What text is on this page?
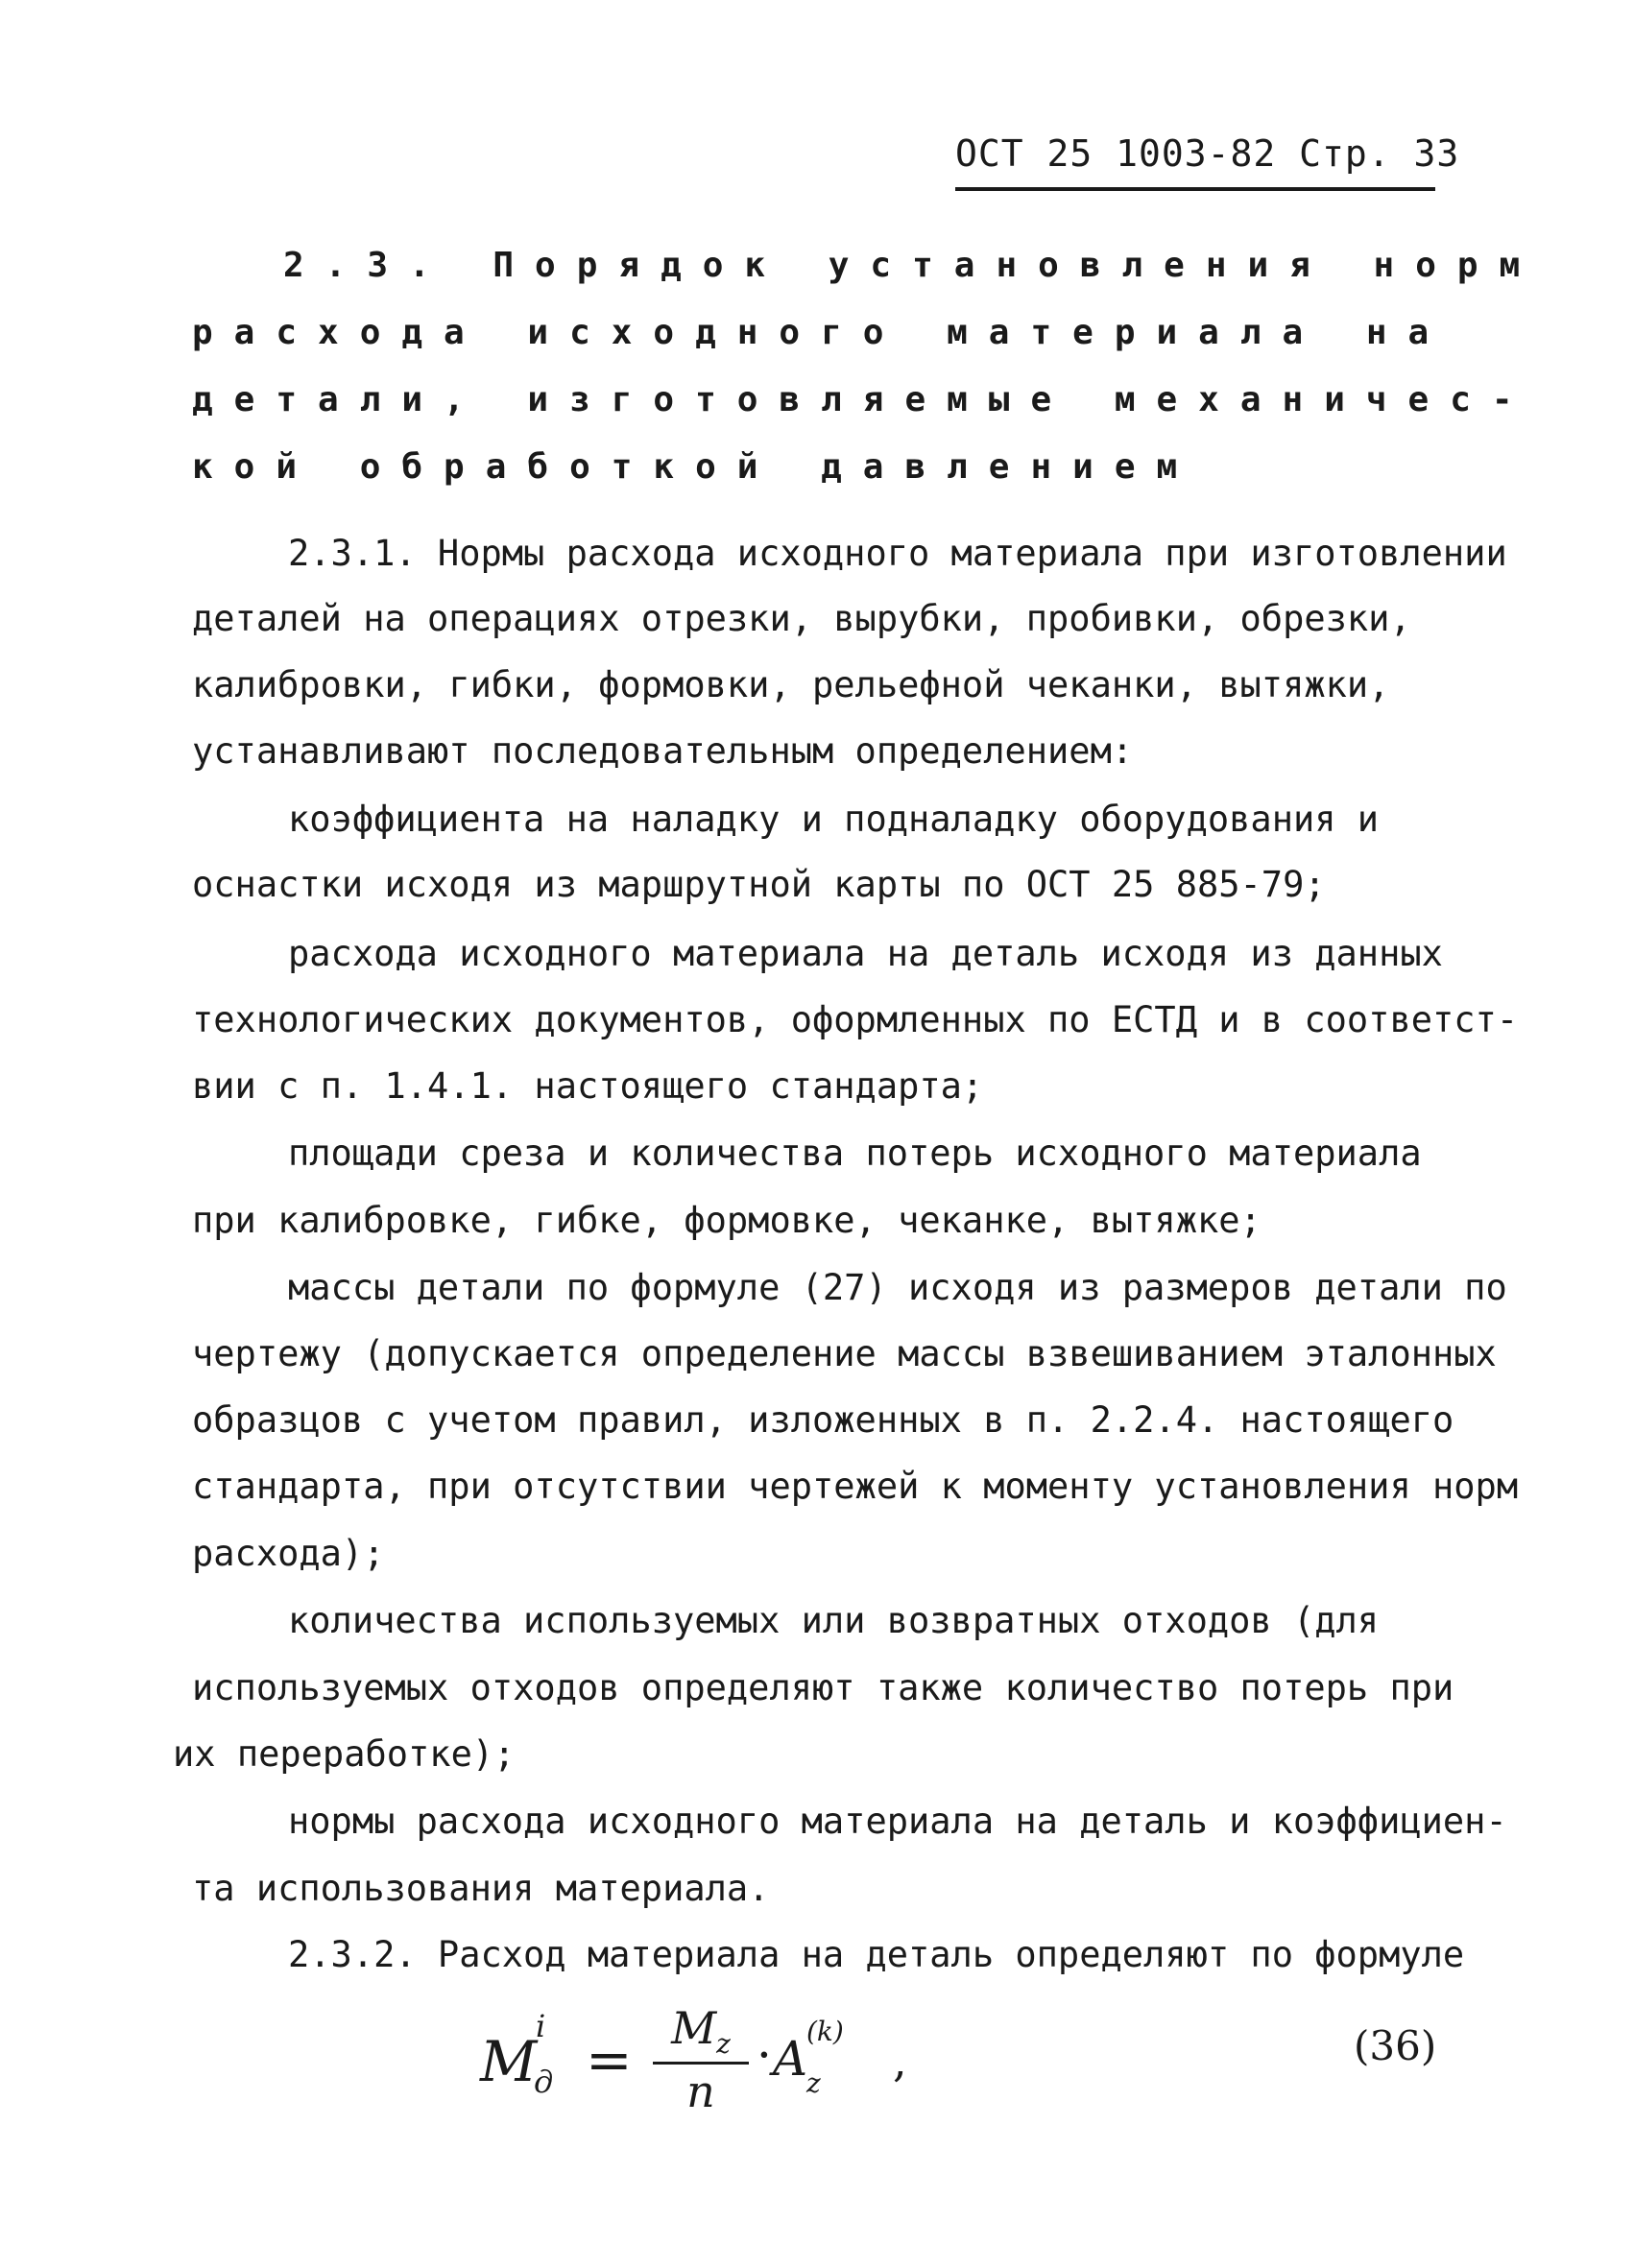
ОСТ 25 1003-82 Стр. 33
2.3. Порядок установления норм
расхода исходного материала на
детали, изготовляемые механичес-
кой обработкой давлением
2.3.1. Нормы расхода исходного материала при изготовлении
деталей на операциях отрезки, вырубки, пробивки, обрезки,
калибровки, гибки, формовки, рельефной чеканки, вытяжки,
устанавливают последовательным определением:
коэффициента на наладку и подналадку оборудования и
оснастки исходя из маршрутной карты по ОСТ 25 885-79;
расхода исходного материала на деталь исходя из данных
технологических документов, оформленных по ЕСТД и в соответст-
вии с п. 1.4.1. настоящего стандарта;
площади среза и количества потерь исходного материала
при калибровке, гибке, формовке, чеканке, вытяжке;
массы детали по формуле (27) исходя из размеров детали по
чертежу (допускается определение массы взвешиванием эталонных
образцов с учетом правил, изложенных в п. 2.2.4. настоящего
стандарта, при отсутствии чертежей к моменту установления норм
расхода);
количества используемых или возвратных отходов (для
используемых отходов определяют также количество потерь при
их переработке);
нормы расхода исходного материала на деталь и коэффициен-
та использования материала.
2.3.2. Расход материала на деталь определяют по формуле
M
i
$д = M_z$
n
· A
(k)
z ,	(36)
